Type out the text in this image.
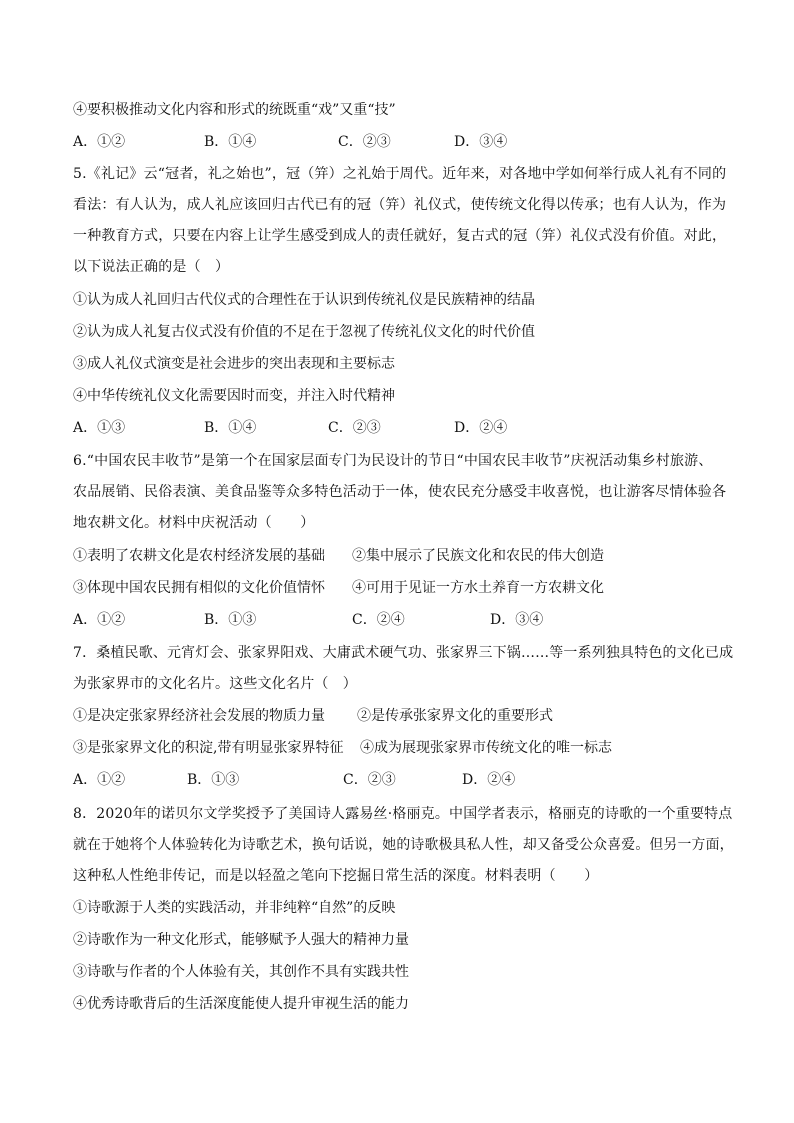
④要积极推动文化内容和形式的统既重“戏”又重“技”
A．①②	B．①④	C．②③	D．③④
5.《礼记》云“冠者，礼之始也”，冠（笄）之礼始于周代。近年来，对各地中学如何举行成人礼有不同的
看法：有人认为，成人礼应该回归古代已有的冠（笄）礼仪式，使传统文化得以传承；也有人认为，作为
一种教育方式，只要在内容上让学生感受到成人的责任就好，复古式的冠（笄）礼仪式没有价值。对此，
以下说法正确的是（　）
①认为成人礼回归古代仪式的合理性在于认识到传统礼仪是民族精神的结晶
②认为成人礼复古仪式没有价值的不足在于忽视了传统礼仪文化的时代价值
③成人礼仪式演变是社会进步的突出表现和主要标志
④中华传统礼仪文化需要因时而变，并注入时代精神
A．①③	B．①④	C．②③	D．②④
6.“中国农民丰收节”是第一个在国家层面专门为民设计的节日“中国农民丰收节”庆祝活动集乡村旅游、
农品展销、民俗表演、美食品鉴等众多特色活动于一体，使农民充分感受丰收喜悦，也让游客尽情体验各
地农耕文化。材料中庆祝活动（　　）
①表明了农耕文化是农村经济发展的基础 ②集中展示了民族文化和农民的伟大创造
③体现中国农民拥有相似的文化价值情怀 ④可用于见证一方水土养育一方农耕文化
A．①②	B．①③	C．②④	D．③④
7．桑植民歌、元宵灯会、张家界阳戏、大庸武术硬气功、张家界三下锅……等一系列独具特色的文化已成
为张家界市的文化名片。这些文化名片（　）
①是决定张家界经济社会发展的物质力量 ②是传承张家界文化的重要形式
③是张家界文化的积淀,带有明显张家界特征 ④成为展现张家界市传统文化的唯一标志
A．①②	B．①③	C．②③	D．②④
8．2020年的诺贝尔文学奖授予了美国诗人露易丝·格丽克。中国学者表示，格丽克的诗歌的一个重要特点
就在于她将个人体验转化为诗歌艺术，换句话说，她的诗歌极具私人性，却又备受公众喜爱。但另一方面，
这种私人性绝非传记，而是以轻盈之笔向下挖掘日常生活的深度。材料表明（　　）
①诗歌源于人类的实践活动，并非纯粹“自然”的反映
②诗歌作为一种文化形式，能够赋予人强大的精神力量
③诗歌与作者的个人体验有关，其创作不具有实践共性
④优秀诗歌背后的生活深度能使人提升审视生活的能力
